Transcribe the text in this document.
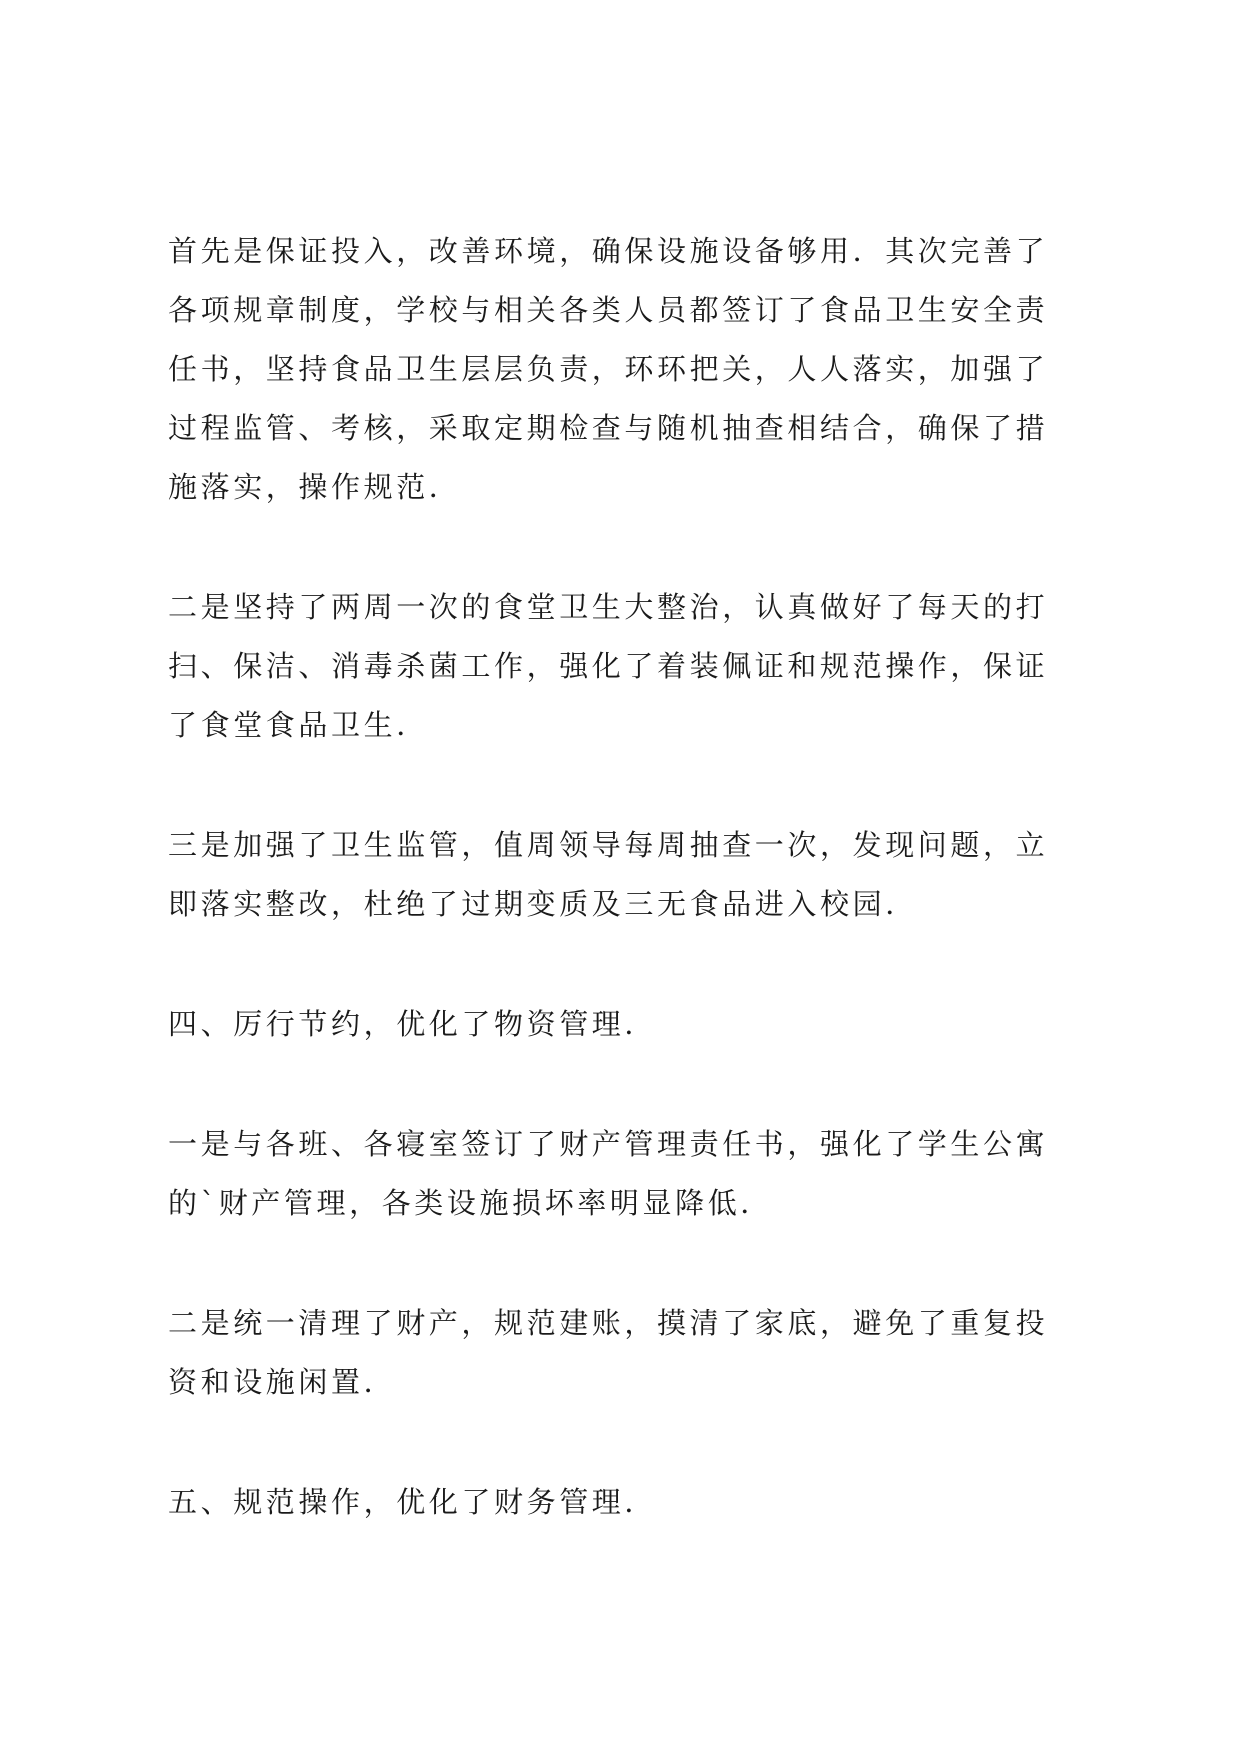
首先是保证投入，改善环境，确保设施设备够用．其次完善了各项规章制度，学校与相关各类人员都签订了食品卫生安全责任书，坚持食品卫生层层负责，环环把关，人人落实，加强了过程监管、考核，采取定期检查与随机抽查相结合，确保了措施落实，操作规范．

二是坚持了两周一次的食堂卫生大整治，认真做好了每天的打扫、保洁、消毒杀菌工作，强化了着装佩证和规范操作，保证了食堂食品卫生．

三是加强了卫生监管，值周领导每周抽查一次，发现问题，立即落实整改，杜绝了过期变质及三无食品进入校园．

四、厉行节约，优化了物资管理．

一是与各班、各寝室签订了财产管理责任书，强化了学生公寓的`财产管理，各类设施损坏率明显降低．

二是统一清理了财产，规范建账，摸清了家底，避免了重复投资和设施闲置．

五、规范操作，优化了财务管理．
